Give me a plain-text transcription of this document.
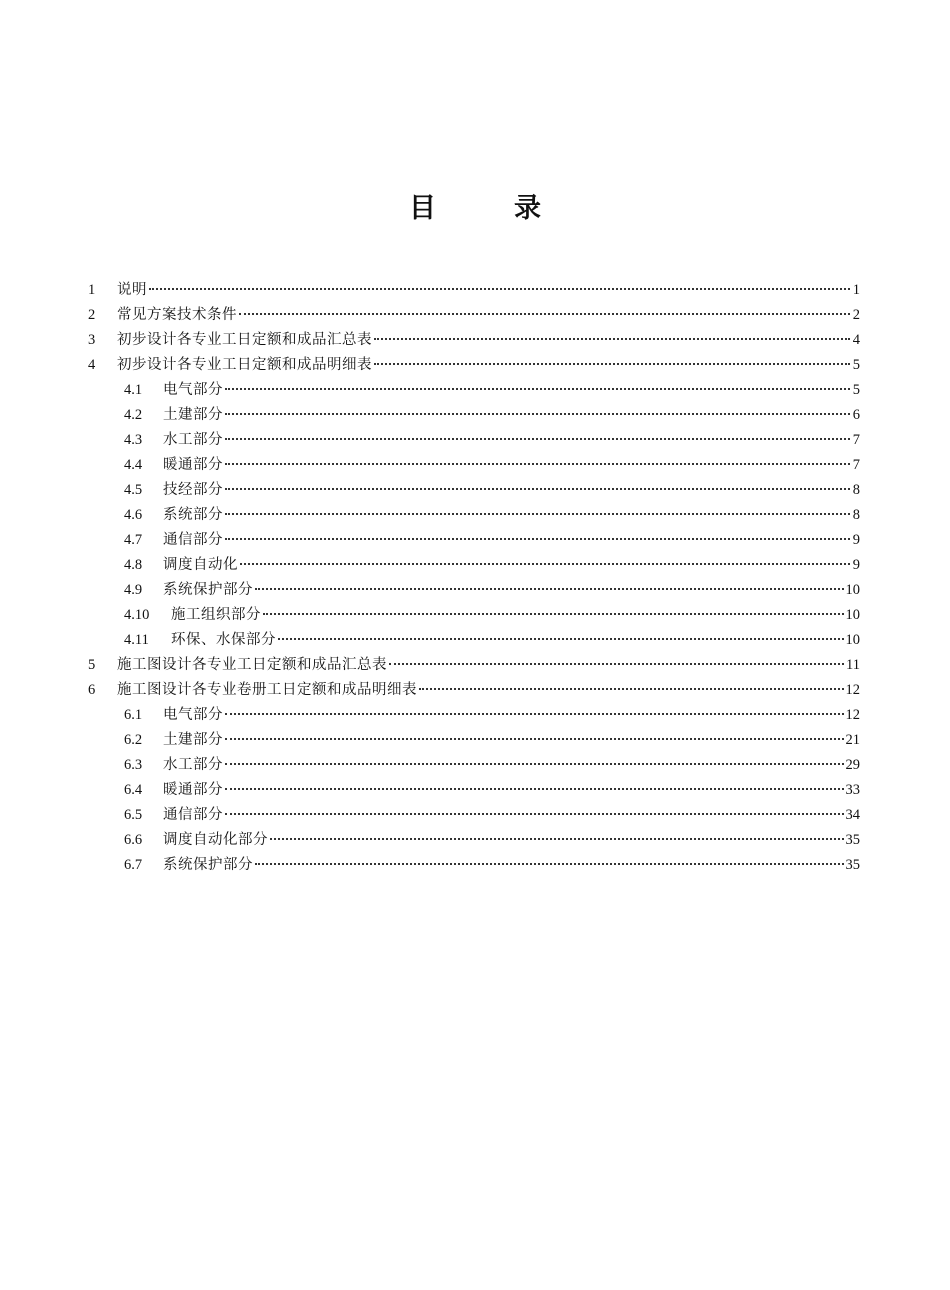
目	录
1	说明	1
2	常见方案技术条件	2
3	初步设计各专业工日定额和成品汇总表	4
4	初步设计各专业工日定额和成品明细表	5
4.1	电气部分	5
4.2	土建部分	6
4.3	水工部分	7
4.4	暖通部分	7
4.5	技经部分	8
4.6	系统部分	8
4.7	通信部分	9
4.8	调度自动化	9
4.9	系统保护部分	10
4.10	施工组织部分	10
4.11	环保、水保部分	10
5	施工图设计各专业工日定额和成品汇总表	11
6	施工图设计各专业卷册工日定额和成品明细表	12
6.1	电气部分	12
6.2	土建部分	21
6.3	水工部分	29
6.4	暖通部分	33
6.5	通信部分	34
6.6	调度自动化部分	35
6.7	系统保护部分	35
